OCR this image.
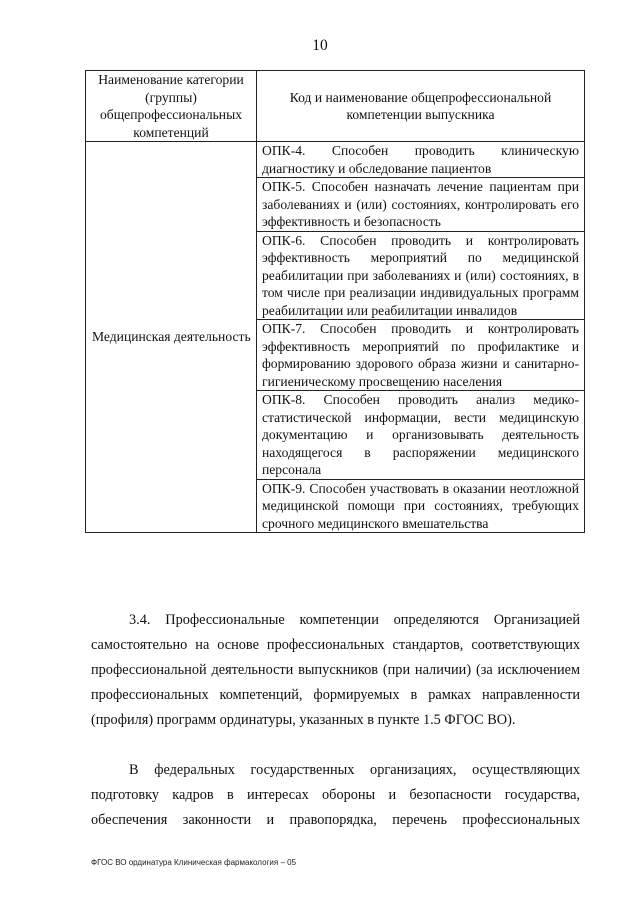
10
Наименование категории (группы) общепрофессиональных компетенций	Код и наименование общепрофессиональной компетенции выпускника
Медицинская деятельность	ОПК-4. Способен проводить клиническую диагностику и обследование пациентов
	ОПК-5. Способен назначать лечение пациентам при заболеваниях и (или) состояниях, контролировать его эффективность и безопасность
	ОПК-6. Способен проводить и контролировать эффективность мероприятий по медицинской реабилитации при заболеваниях и (или) состояниях, в том числе при реализации индивидуальных программ реабилитации или реабилитации инвалидов
	ОПК-7. Способен проводить и контролировать эффективность мероприятий по профилактике и формированию здорового образа жизни и санитарно-гигиеническому просвещению населения
	ОПК-8. Способен проводить анализ медико-статистической информации, вести медицинскую документацию и организовывать деятельность находящегося в распоряжении медицинского персонала
	ОПК-9. Способен участвовать в оказании неотложной медицинской помощи при состояниях, требующих срочного медицинского вмешательства

3.4. Профессиональные компетенции определяются Организацией самостоятельно на основе профессиональных стандартов, соответствующих профессиональной деятельности выпускников (при наличии) (за исключением профессиональных компетенций, формируемых в рамках направленности (профиля) программ ординатуры, указанных в пункте 1.5 ФГОС ВО).

В федеральных государственных организациях, осуществляющих подготовку кадров в интересах обороны и безопасности государства, обеспечения законности и правопорядка, перечень профессиональных

ФГОС ВО ординатура Клиническая фармакология – 05
